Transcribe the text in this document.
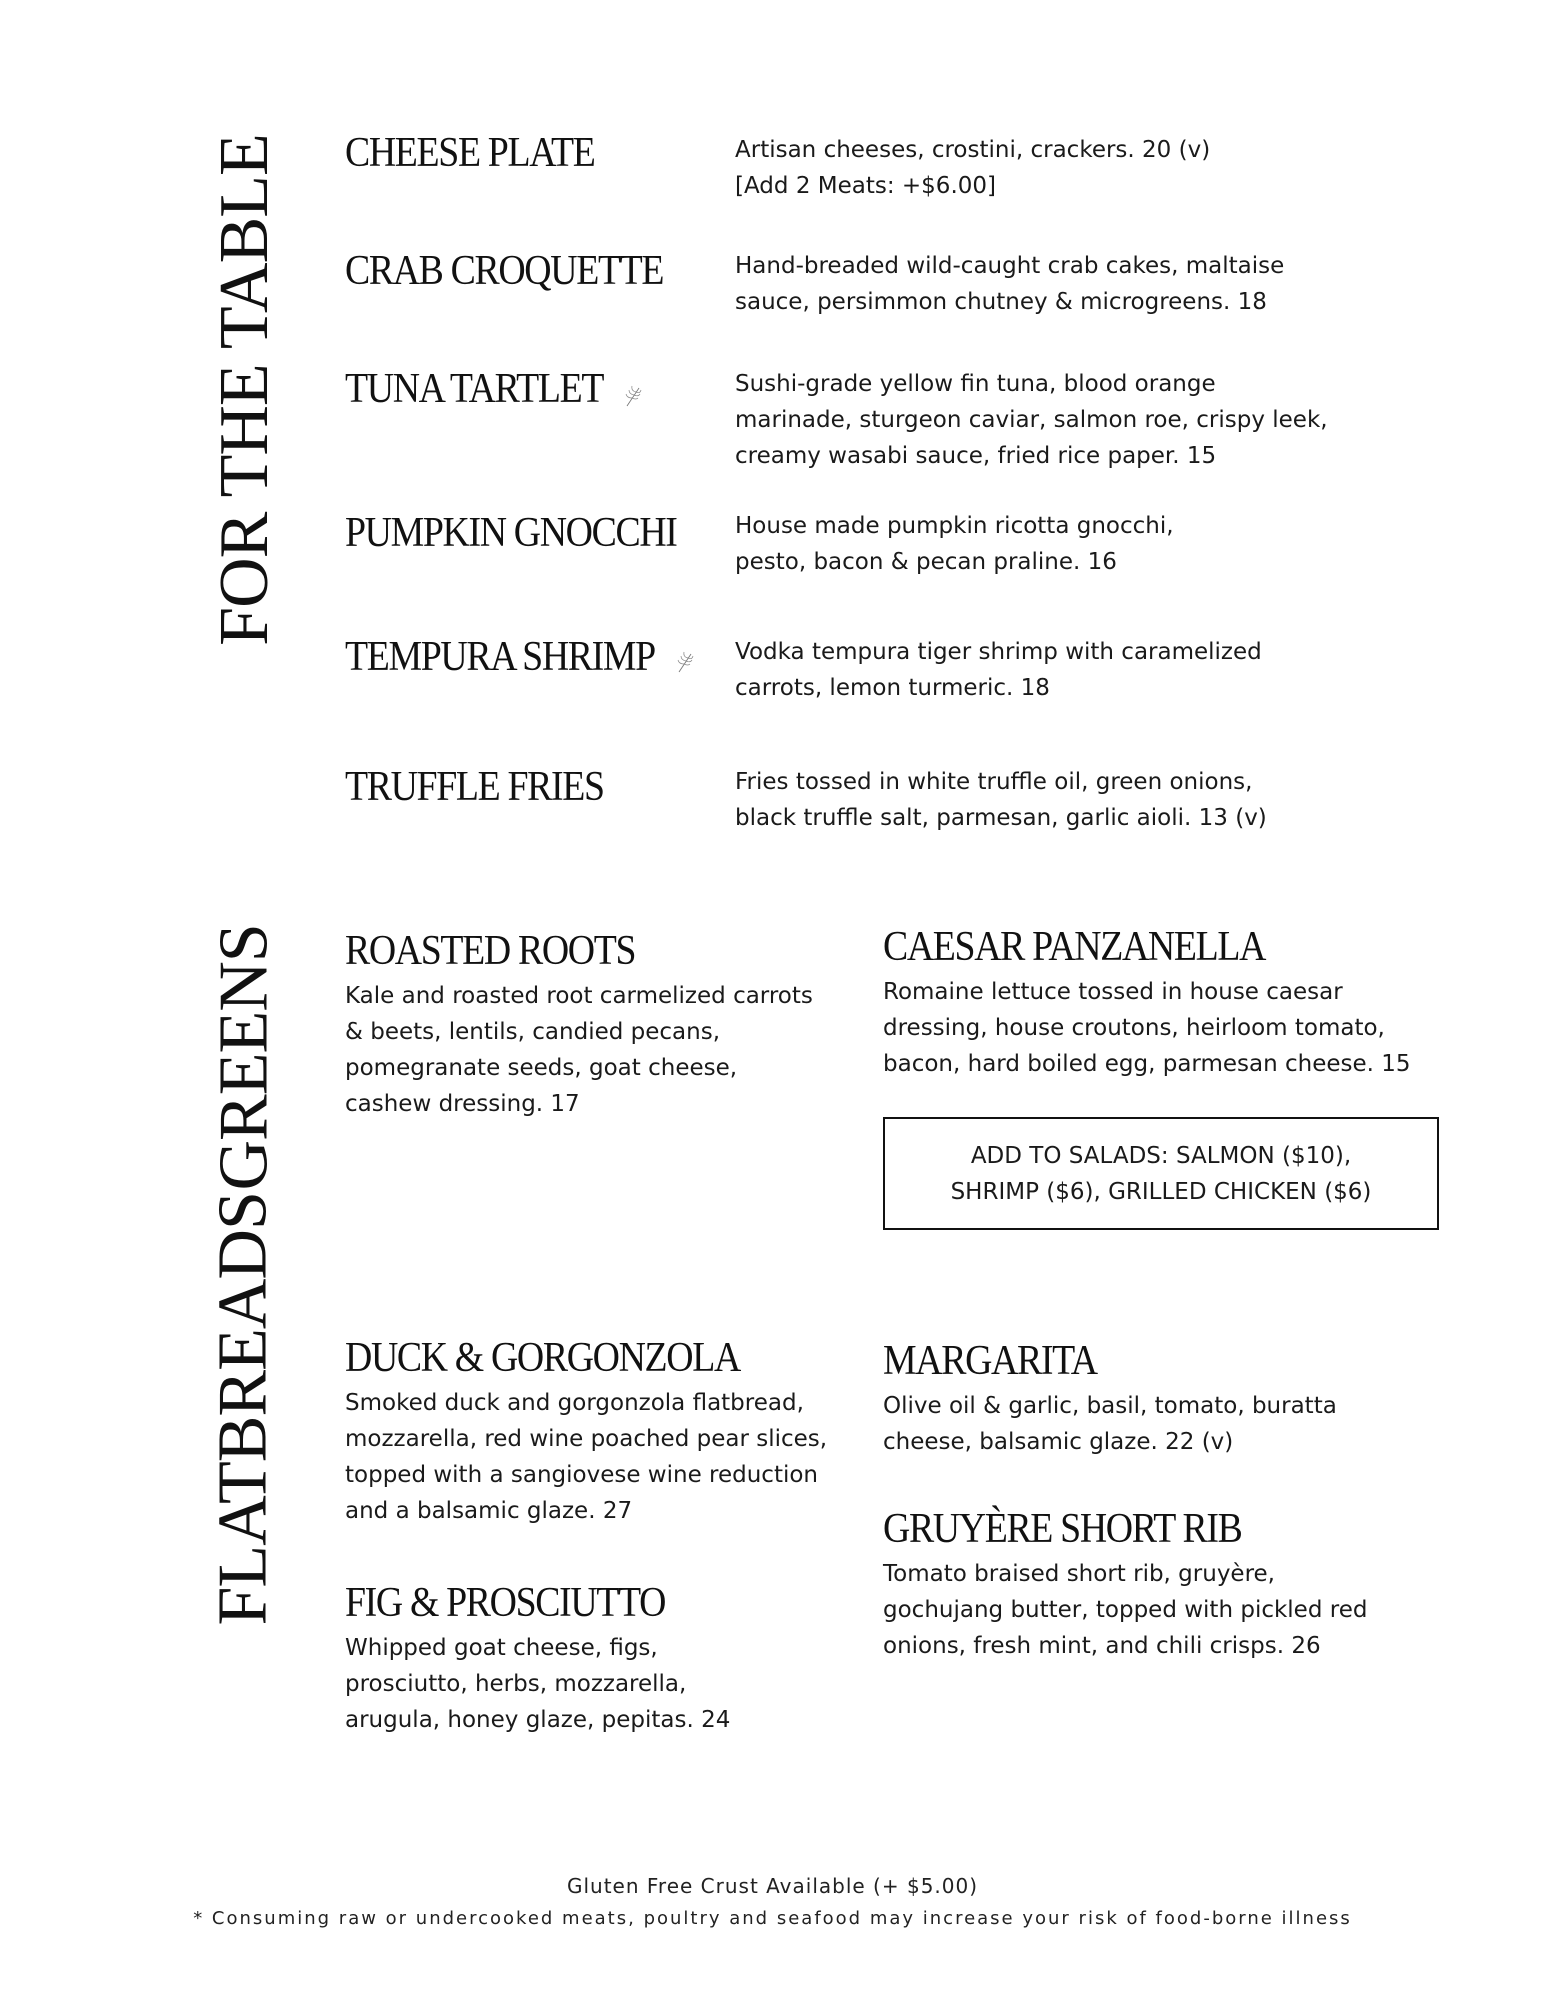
FOR THE TABLE CHEESE PLATE	Artisan cheeses, crostini, crackers. 20 (v)
[Add 2 Meats: +$6.00]
CRAB CROQUETTE	Hand-breaded wild-caught crab cakes, maltaise
sauce, persimmon chutney & microgreens. 18
TUNA TARTLET	Sushi-grade yellow fin tuna, blood orange
marinade, sturgeon caviar, salmon roe, crispy leek,
creamy wasabi sauce, fried rice paper. 15
PUMPKIN GNOCCHI	House made pumpkin ricotta gnocchi,
pesto, bacon & pecan praline. 16
TEMPURA SHRIMP	Vodka tempura tiger shrimp with caramelized
carrots, lemon turmeric. 18
TRUFFLE FRIES	Fries tossed in white truffle oil, green onions,
black truffle salt, parmesan, garlic aioli. 13 (v)
GREENS ROASTED ROOTS
Kale and roasted root carmelized carrots
& beets, lentils, candied pecans,
pomegranate seeds, goat cheese,
cashew dressing. 17
CAESAR PANZANELLA
Romaine lettuce tossed in house caesar
dressing, house croutons, heirloom tomato,
bacon, hard boiled egg, parmesan cheese. 15
ADD TO SALADS: SALMON ($10),
SHRIMP ($6), GRILLED CHICKEN ($6)
FLATBREADS DUCK & GORGONZOLA
Smoked duck and gorgonzola flatbread,
mozzarella, red wine poached pear slices,
topped with a sangiovese wine reduction
and a balsamic glaze. 27
MARGARITA
Olive oil & garlic, basil, tomato, buratta
cheese, balsamic glaze. 22 (v)
FIG & PROSCIUTTO
Whipped goat cheese, figs,
prosciutto, herbs, mozzarella,
arugula, honey glaze, pepitas. 24
GRUYÈRE SHORT RIB
Tomato braised short rib, gruyère,
gochujang butter, topped with pickled red
onions, fresh mint, and chili crisps. 26
Gluten Free Crust Available (+ $5.00)
* Consuming raw or undercooked meats, poultry and seafood may increase your risk of food-borne illness
